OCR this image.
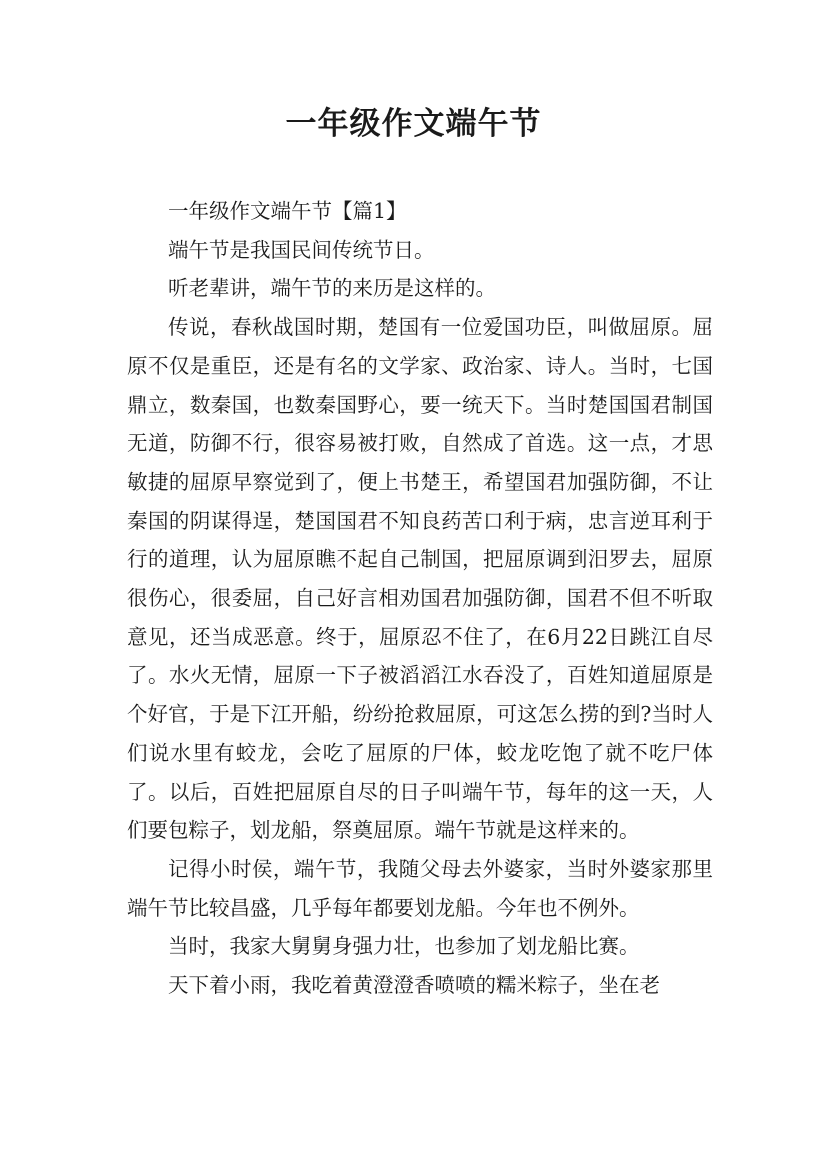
一年级作文端午节

一年级作文端午节【篇1】

端午节是我国民间传统节日。

听老辈讲，端午节的来历是这样的。

传说，春秋战国时期，楚国有一位爱国功臣，叫做屈原。屈原不仅是重臣，还是有名的文学家、政治家、诗人。当时，七国鼎立，数秦国，也数秦国野心，要一统天下。当时楚国国君制国无道，防御不行，很容易被打败，自然成了首选。这一点，才思敏捷的屈原早察觉到了，便上书楚王，希望国君加强防御，不让秦国的阴谋得逞，楚国国君不知良药苦口利于病，忠言逆耳利于行的道理，认为屈原瞧不起自己制国，把屈原调到汨罗去，屈原很伤心，很委屈，自己好言相劝国君加强防御，国君不但不听取意见，还当成恶意。终于，屈原忍不住了，在6月22日跳江自尽了。水火无情，屈原一下子被滔滔江水吞没了，百姓知道屈原是个好官，于是下江开船，纷纷抢救屈原，可这怎么捞的到?当时人们说水里有蛟龙，会吃了屈原的尸体，蛟龙吃饱了就不吃尸体了。以后，百姓把屈原自尽的日子叫端午节，每年的这一天，人们要包粽子，划龙船，祭奠屈原。端午节就是这样来的。

记得小时侯，端午节，我随父母去外婆家，当时外婆家那里端午节比较昌盛，几乎每年都要划龙船。今年也不例外。

当时，我家大舅舅身强力壮，也参加了划龙船比赛。

天下着小雨，我吃着黄澄澄香喷喷的糯米粽子，坐在老
